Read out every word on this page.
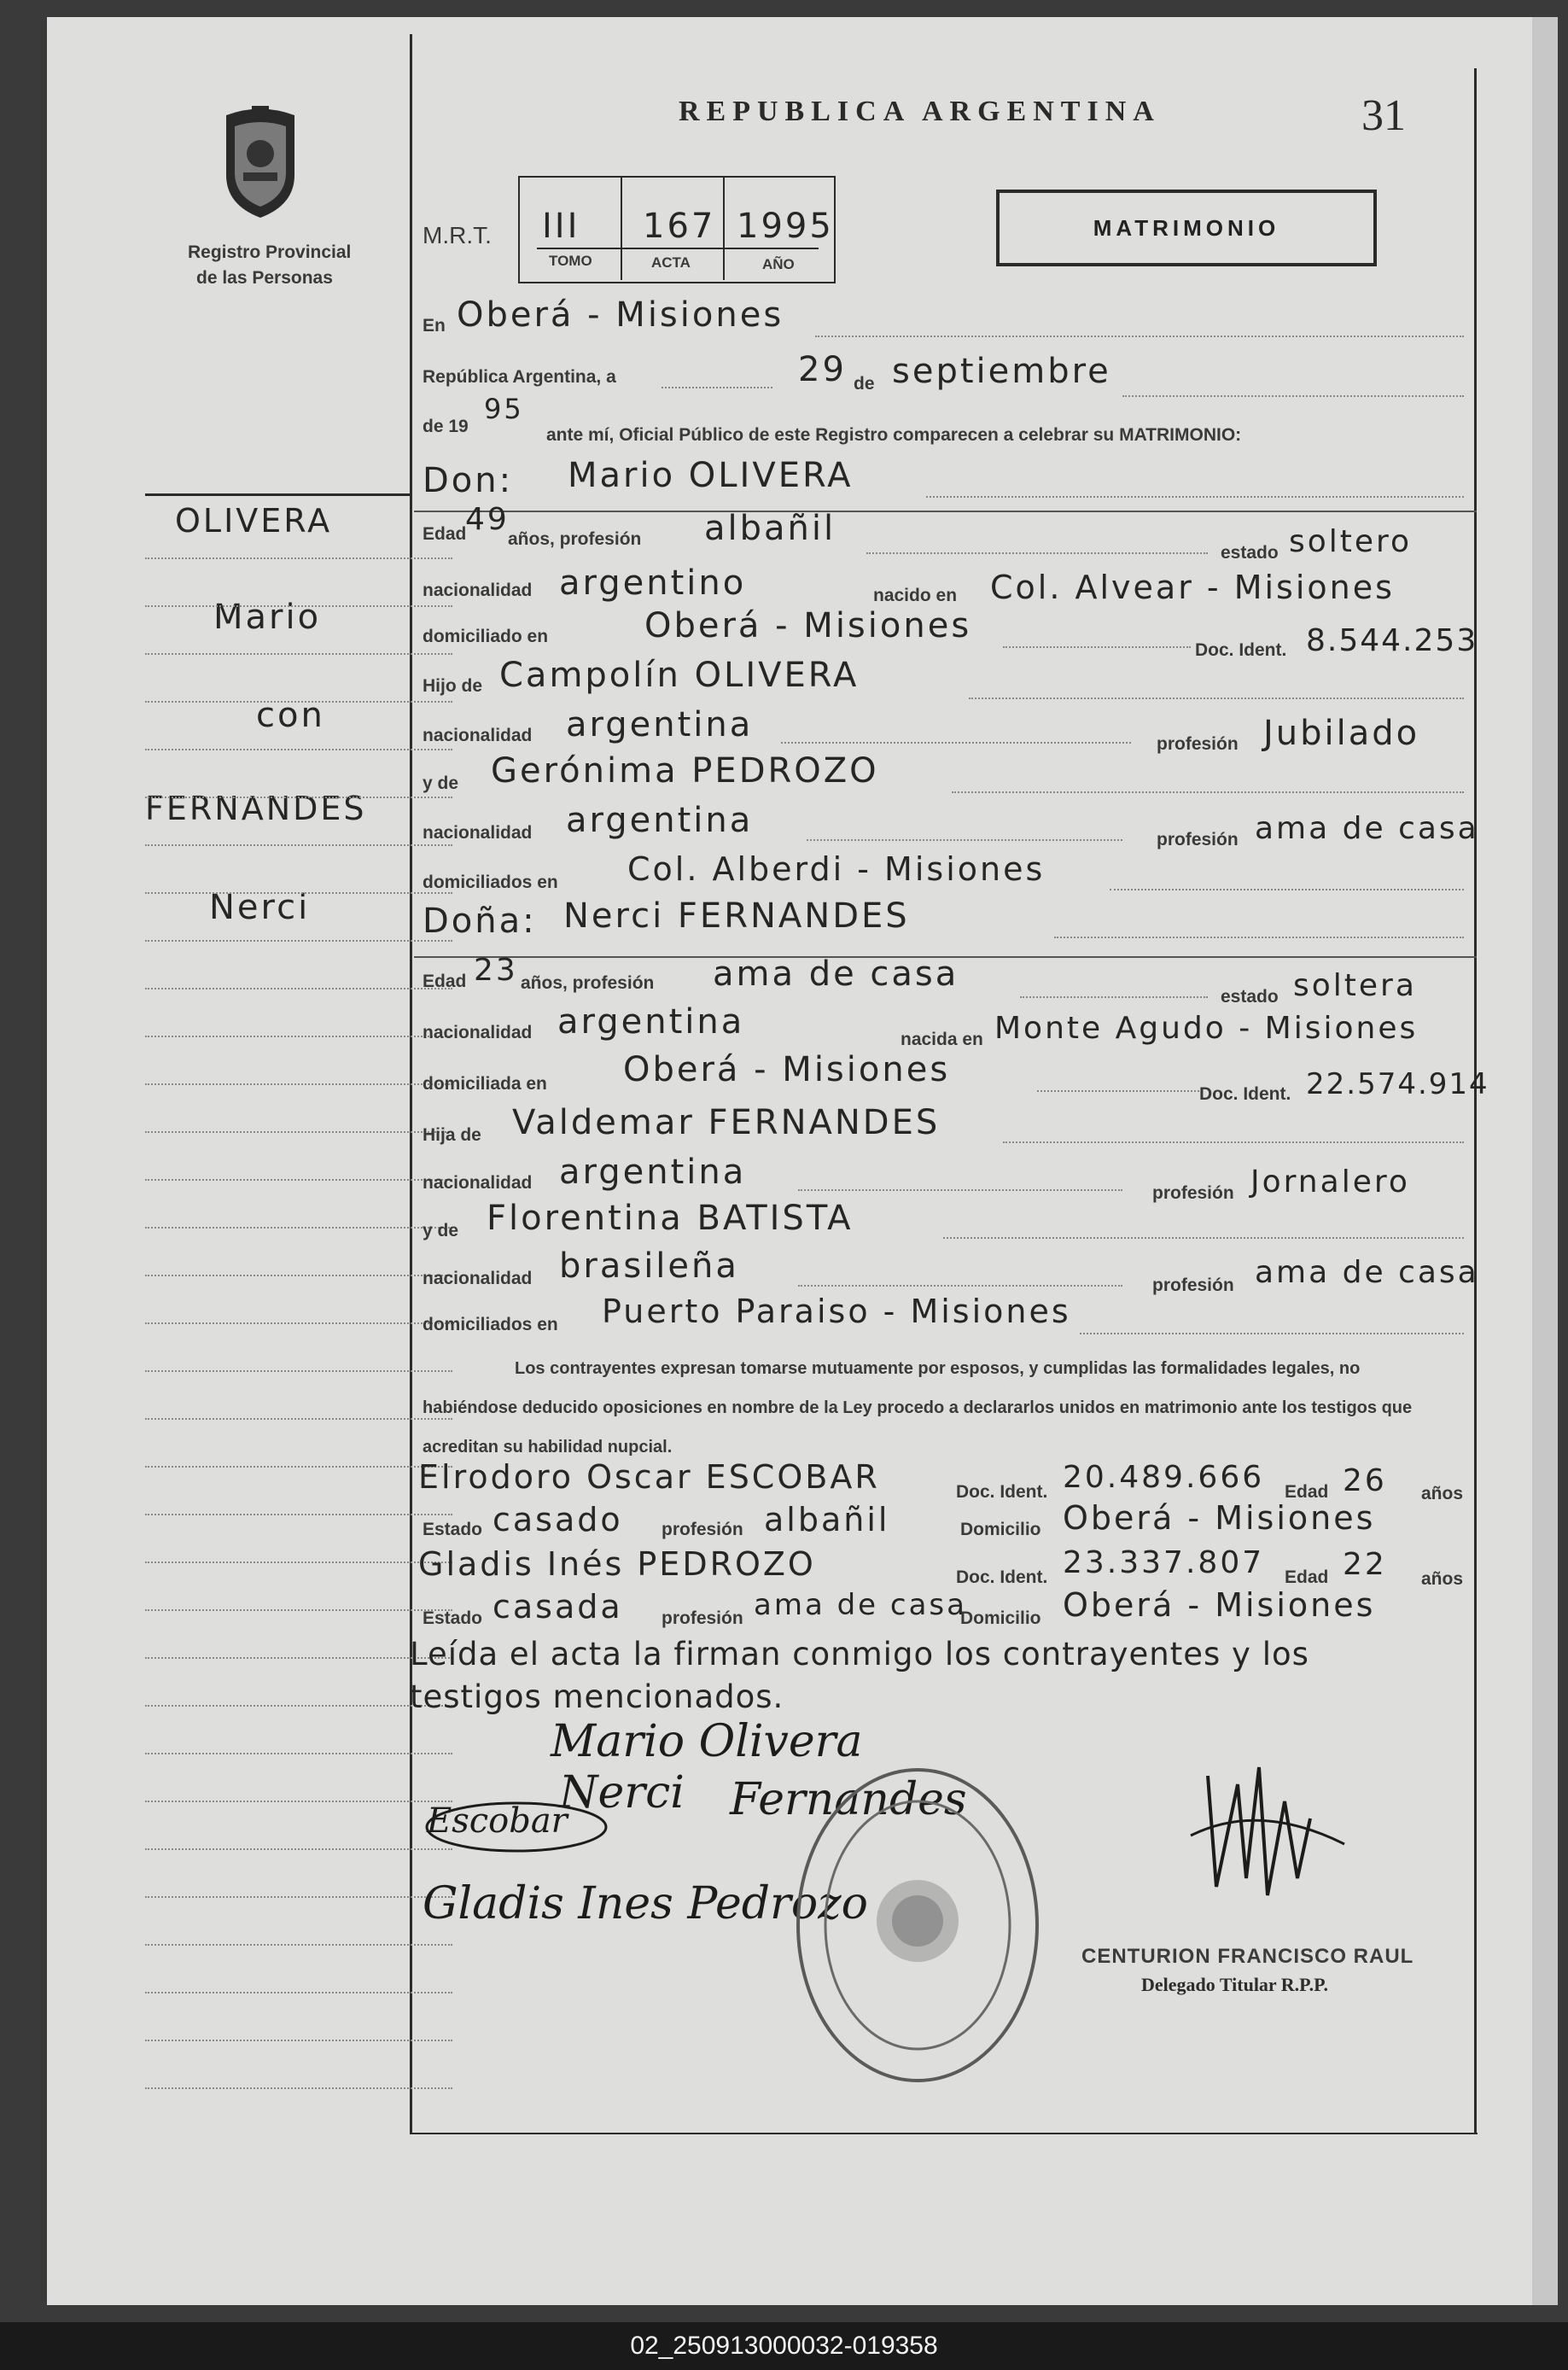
Registro Provincial
de las Personas
REPUBLICA ARGENTINA	31
M.R.T. III 167 1995
TOMO	ACTA	AÑO
MATRIMONIO
OLIVERA
Mario
con
FERNANDES
Nerci
En Oberá - Misiones
República Argentina, a	29 de septiembre
de 19
95
ante mí, Oficial Público de este Registro comparecen a celebrar su MATRIMONIO:
Don: Mario OLIVERA
Edad
49
años, profesión albañil
estado soltero
nacionalidad argentino	nacido en Col. Alvear - Misiones
domiciliado en	Oberá - Misiones
Doc. Ident. 8.544.253
Hijo de Campolín OLIVERA
nacionalidad argentina	profesión Jubilado
y de Gerónima PEDROZO
nacionalidad argentina	profesión ama de casa
domiciliados en Col. Alberdi - Misiones
Doña: Nerci FERNANDES
Edad 23 años, profesión ama de casa
estado soltera
nacionalidad argentina	nacida en Monte Agudo - Misiones
domiciliada en Oberá - Misiones
Doc. Ident. 22.574.914
Hija de Valdemar FERNANDES
nacionalidad argentina
profesión Jornalero
y de Florentina BATISTA
nacionalidad brasileña	profesión ama de casa
domiciliados en Puerto Paraiso - Misiones
Los contrayentes expresan tomarse mutuamente por esposos, y cumplidas las formalidades legales, no habiéndose deducido oposiciones en nombre de la Ley procedo a declararlos unidos en matrimonio ante los testigos que acreditan su habilidad nupcial.
Elrodoro Oscar ESCOBAR	Doc. Ident. 20.489.666 Edad 26 años
Estado casado profesión albañil	Domicilio Oberá - Misiones
Gladis Inés PEDROZO	Doc. Ident. 23.337.807 Edad 22 años
Estado casada profesión ama de casa
Domicilio Oberá - Misiones
Leída el acta la firman conmigo los contrayentes y los
testigos mencionados.
Mario Olivera
Nerci Fernandes
Escobar
Gladis Ines Pedrozo
CENTURION FRANCISCO RAUL
Delegado Titular R.P.P.
02_250913000032-019358
